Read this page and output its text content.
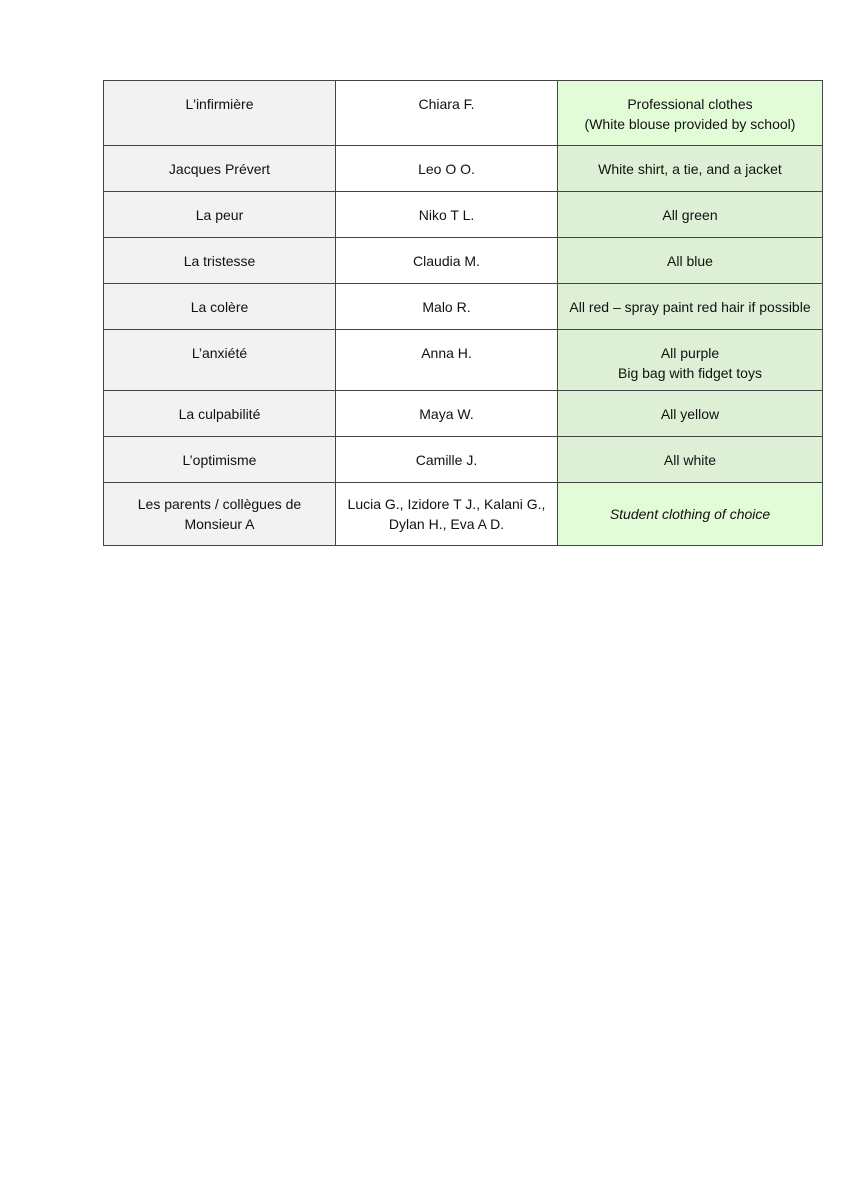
L'infirmière	Chiara F.	Professional clothes
(White blouse provided by school)

Jacques Prévert	Leo O O.	White shirt, a tie, and a jacket

La peur	Niko T L.	All green

La tristesse	Claudia M.	All blue

La colère	Malo R.	All red – spray paint red hair if possible

L’anxiété	Anna H.	All purple
Big bag with fidget toys

La culpabilité	Maya W.	All yellow

L’optimisme	Camille J.	All white

Les parents / collègues de Monsieur A	Lucia G., Izidore T J., Kalani G., Dylan H., Eva A D.	Student clothing of choice
